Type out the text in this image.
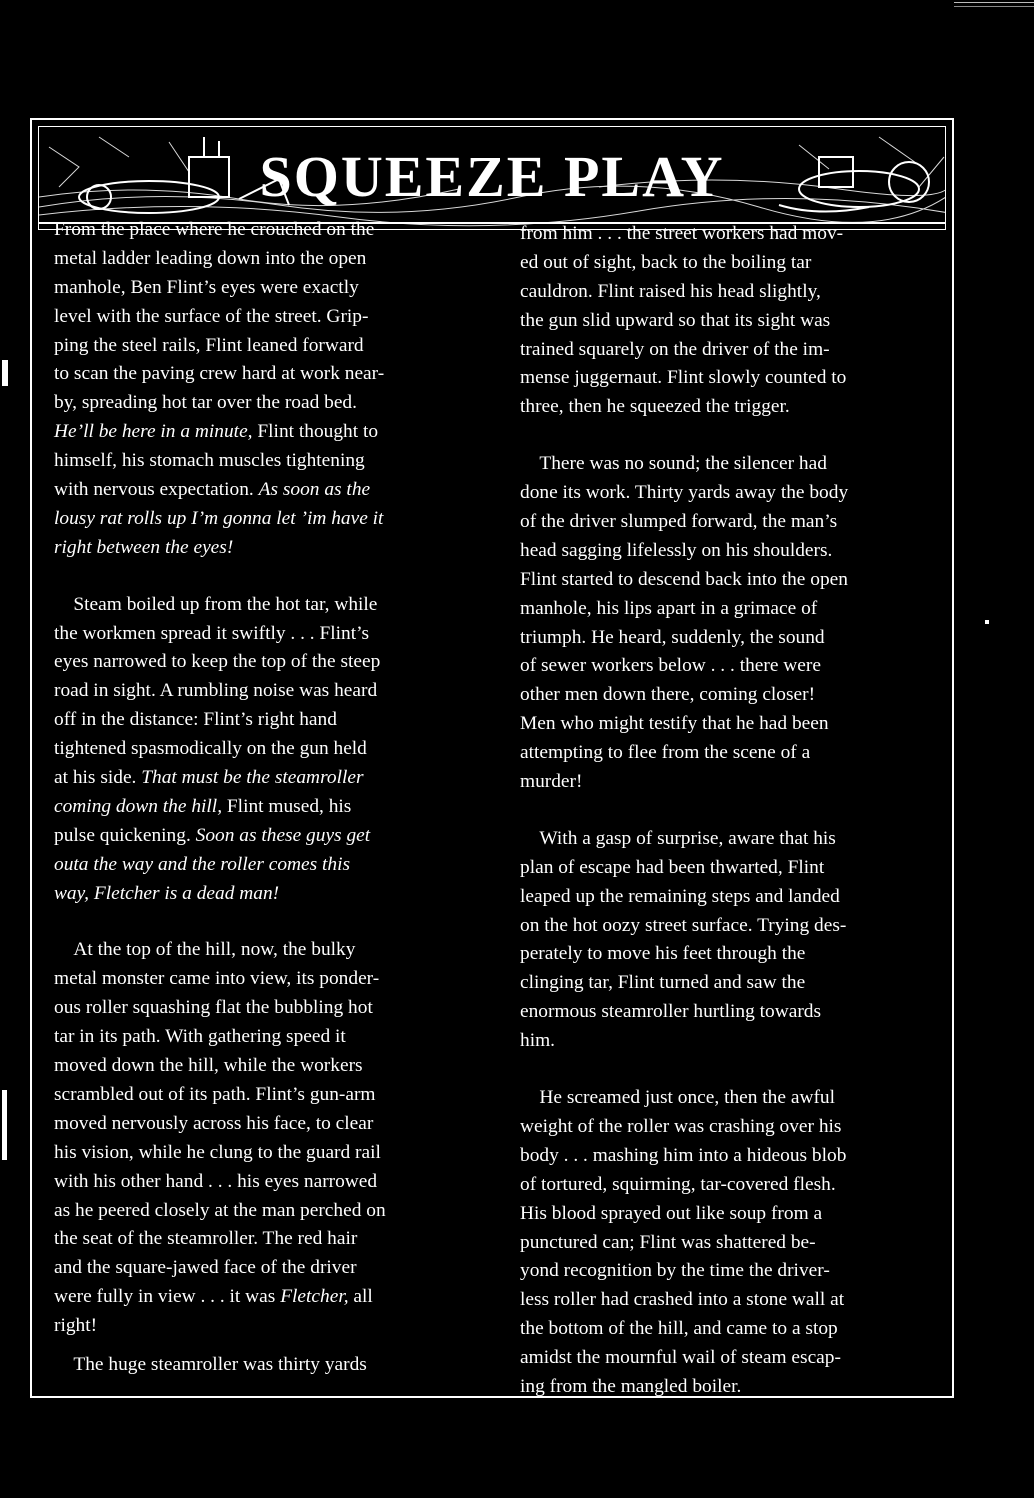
SQUEEZE PLAY
From the place where he crouched on the
metal ladder leading down into the open
manhole, Ben Flint’s eyes were exactly
level with the surface of the street. Grip-
ping the steel rails, Flint leaned forward
to scan the paving crew hard at work near-
by, spreading hot tar over the road bed.
He’ll be here in a minute, Flint thought to
himself, his stomach muscles tightening
with nervous expectation. As soon as the
lousy rat rolls up I’m gonna let ’im have it
right between the eyes!
Steam boiled up from the hot tar, while
the workmen spread it swiftly . . . Flint’s
eyes narrowed to keep the top of the steep
road in sight. A rumbling noise was heard
off in the distance: Flint’s right hand
tightened spasmodically on the gun held
at his side. That must be the steamroller
coming down the hill, Flint mused, his
pulse quickening. Soon as these guys get
outa the way and the roller comes this
way, Fletcher is a dead man!
At the top of the hill, now, the bulky
metal monster came into view, its ponder-
ous roller squashing flat the bubbling hot
tar in its path. With gathering speed it
moved down the hill, while the workers
scrambled out of its path. Flint’s gun-arm
moved nervously across his face, to clear
his vision, while he clung to the guard rail
with his other hand . . . his eyes narrowed
as he peered closely at the man perched on
the seat of the steamroller. The red hair
and the square-jawed face of the driver
were fully in view . . . it was Fletcher, all
right!
The huge steamroller was thirty yards
from him . . . the street workers had mov-
ed out of sight, back to the boiling tar
cauldron. Flint raised his head slightly,
the gun slid upward so that its sight was
trained squarely on the driver of the im-
mense juggernaut. Flint slowly counted to
three, then he squeezed the trigger.
There was no sound; the silencer had
done its work. Thirty yards away the body
of the driver slumped forward, the man’s
head sagging lifelessly on his shoulders.
Flint started to descend back into the open
manhole, his lips apart in a grimace of
triumph. He heard, suddenly, the sound
of sewer workers below . . . there were
other men down there, coming closer!
Men who might testify that he had been
attempting to flee from the scene of a
murder!
With a gasp of surprise, aware that his
plan of escape had been thwarted, Flint
leaped up the remaining steps and landed
on the hot oozy street surface. Trying des-
perately to move his feet through the
clinging tar, Flint turned and saw the
enormous steamroller hurtling towards
him.
He screamed just once, then the awful
weight of the roller was crashing over his
body . . . mashing him into a hideous blob
of tortured, squirming, tar-covered flesh.
His blood sprayed out like soup from a
punctured can; Flint was shattered be-
yond recognition by the time the driver-
less roller had crashed into a stone wall at
the bottom of the hill, and came to a stop
amidst the mournful wail of steam escap-
ing from the mangled boiler.
